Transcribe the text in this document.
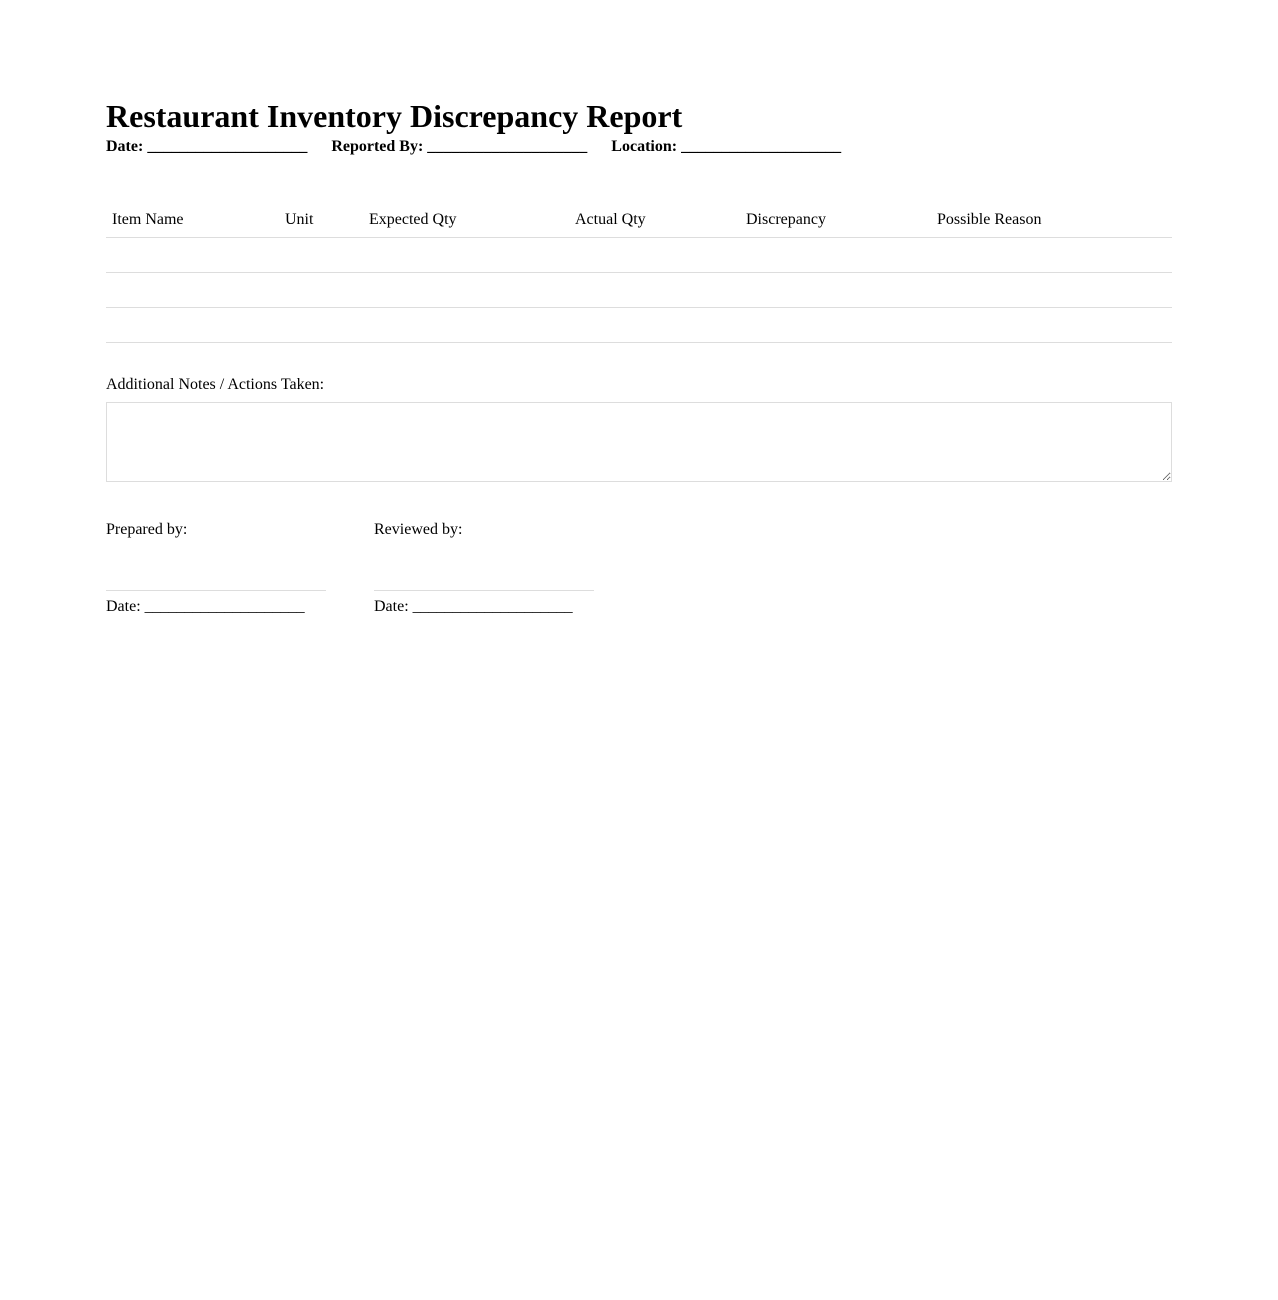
Restaurant Inventory Discrepancy Report
Date: ____________________ Reported By: ____________________ Location: ____________________
Item Name	Unit	Expected Qty	Actual Qty	Discrepancy	Possible Reason

Additional Notes / Actions Taken:
Prepared by:
Date: ____________________
Reviewed by:
Date: ____________________
